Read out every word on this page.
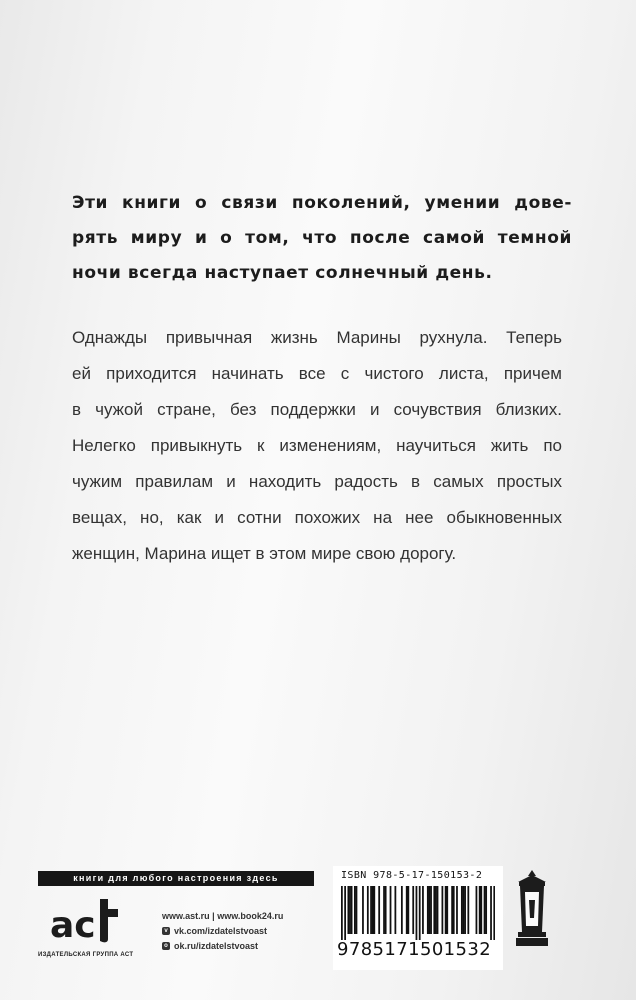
Эти книги о связи поколений, умении дове-
рять миру и о том, что после самой темной
ночи всегда наступает солнечный день.
Однажды привычная жизнь Марины рухнула. Теперь
ей приходится начинать все с чистого листа, причем
в чужой стране, без поддержки и сочувствия близких.
Нелегко привыкнуть к изменениям, научиться жить по
чужим правилам и находить радость в самых простых
вещах, но, как и сотни похожих на нее обыкновенных
женщин, Марина ищет в этом мире свою дорогу.
книги для любого настроения здесь
ac
ИЗДАТЕЛЬСКАЯ ГРУППА АСТ
www.ast.ru | www.book24.ru
v vk.com/izdatelstvoast
o ok.ru/izdatelstvoast
ISBN 978-5-17-150153-2
9785171501532
